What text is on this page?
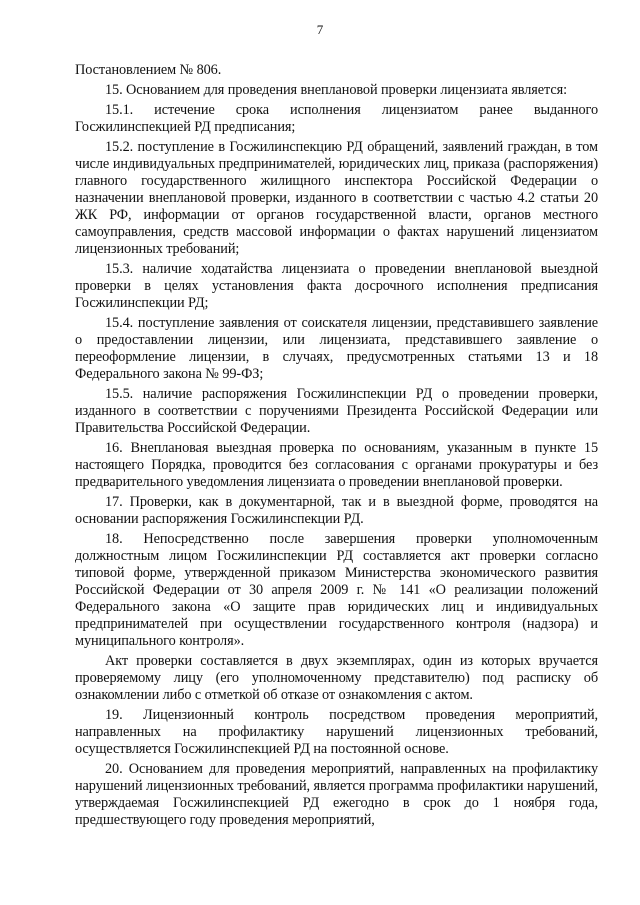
7

Постановлением № 806.

15. Основанием для проведения внеплановой проверки лицензиата является:

15.1. истечение срока исполнения лицензиатом ранее выданного Госжилинспекцией РД предписания;

15.2. поступление в Госжилинспекцию РД обращений, заявлений граждан, в том числе индивидуальных предпринимателей, юридических лиц, приказа (распоряжения) главного государственного жилищного инспектора Российской Федерации о назначении внеплановой проверки, изданного в соответствии с частью 4.2 статьи 20 ЖК РФ, информации от органов государственной власти, органов местного самоуправления, средств массовой информации о фактах нарушений лицензиатом лицензионных требований;

15.3. наличие ходатайства лицензиата о проведении внеплановой выездной проверки в целях установления факта досрочного исполнения предписания Госжилинспекции РД;

15.4. поступление заявления от соискателя лицензии, представившего заявление о предоставлении лицензии, или лицензиата, представившего заявление о переоформление лицензии, в случаях, предусмотренных статьями 13 и 18 Федерального закона № 99-ФЗ;

15.5. наличие распоряжения Госжилинспекции РД о проведении проверки, изданного в соответствии с поручениями Президента Российской Федерации или Правительства Российской Федерации.

16. Внеплановая выездная проверка по основаниям, указанным в пункте 15 настоящего Порядка, проводится без согласования с органами прокуратуры и без предварительного уведомления лицензиата о проведении внеплановой проверки.

17. Проверки, как в документарной, так и в выездной форме, проводятся на основании распоряжения Госжилинспекции РД.

18. Непосредственно после завершения проверки уполномоченным должностным лицом Госжилинспекции РД составляется акт проверки согласно типовой форме, утвержденной приказом Министерства экономического развития Российской Федерации от 30 апреля 2009 г. № 141 «О реализации положений Федерального закона «О защите прав юридических лиц и индивидуальных предпринимателей при осуществлении государственного контроля (надзора) и муниципального контроля».

Акт проверки составляется в двух экземплярах, один из которых вручается проверяемому лицу (его уполномоченному представителю) под расписку об ознакомлении либо с отметкой об отказе от ознакомления с актом.

19. Лицензионный контроль посредством проведения мероприятий, направленных на профилактику нарушений лицензионных требований, осуществляется Госжилинспекцией РД на постоянной основе.

20. Основанием для проведения мероприятий, направленных на профилактику нарушений лицензионных требований, является программа профилактики нарушений, утверждаемая Госжилинспекцией РД ежегодно в срок до 1 ноября года, предшествующего году проведения мероприятий,
